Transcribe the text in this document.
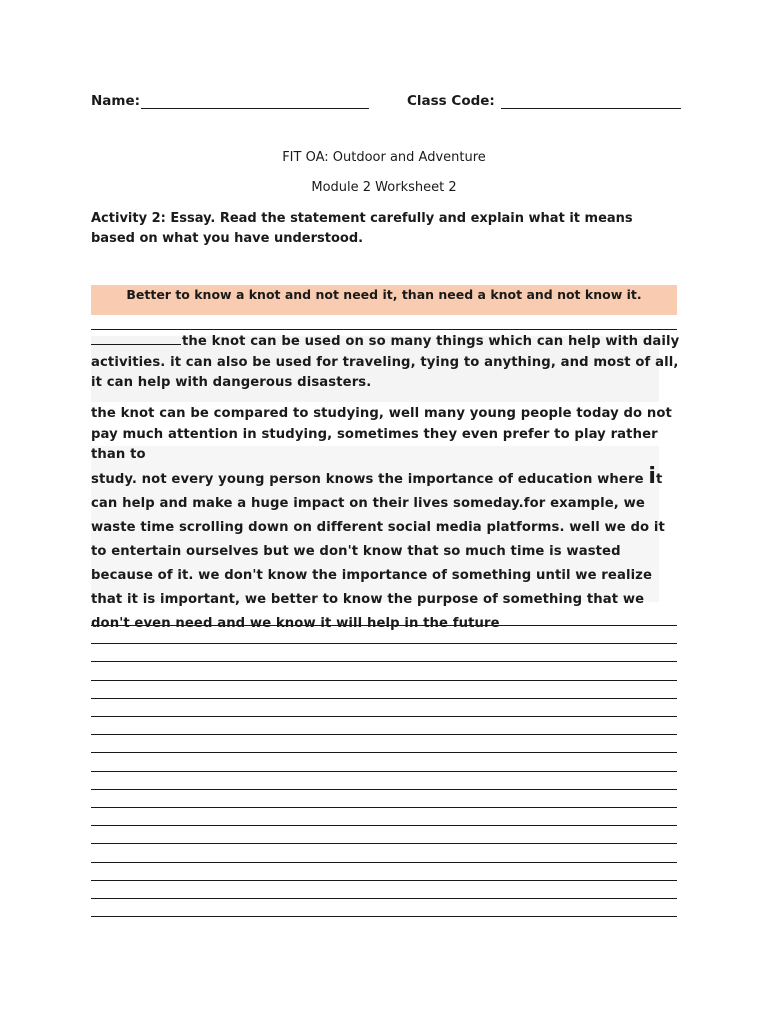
Name:	Class Code:
FIT OA: Outdoor and Adventure
Module 2 Worksheet 2
Activity 2: Essay. Read the statement carefully and explain what it means based on what you have understood.
Better to know a knot and not need it, than need a knot and not know it.
the knot can be used on so many things which can help with daily activities. it can also be used for traveling, tying to anything, and most of all, it can help with dangerous disasters.
the knot can be compared to studying, well many young people today do not pay much attention in studying, sometimes they even prefer to play rather than to
study. not every young person knows the importance of education where it can help and make a huge impact on their lives someday.for example, we waste time scrolling down on different social media platforms. well we do it to entertain ourselves but we don't know that so much time is wasted because of it. we don't know the importance of something until we realize that it is important, we better to know the purpose of something that we don't even need and we know it will help in the future
